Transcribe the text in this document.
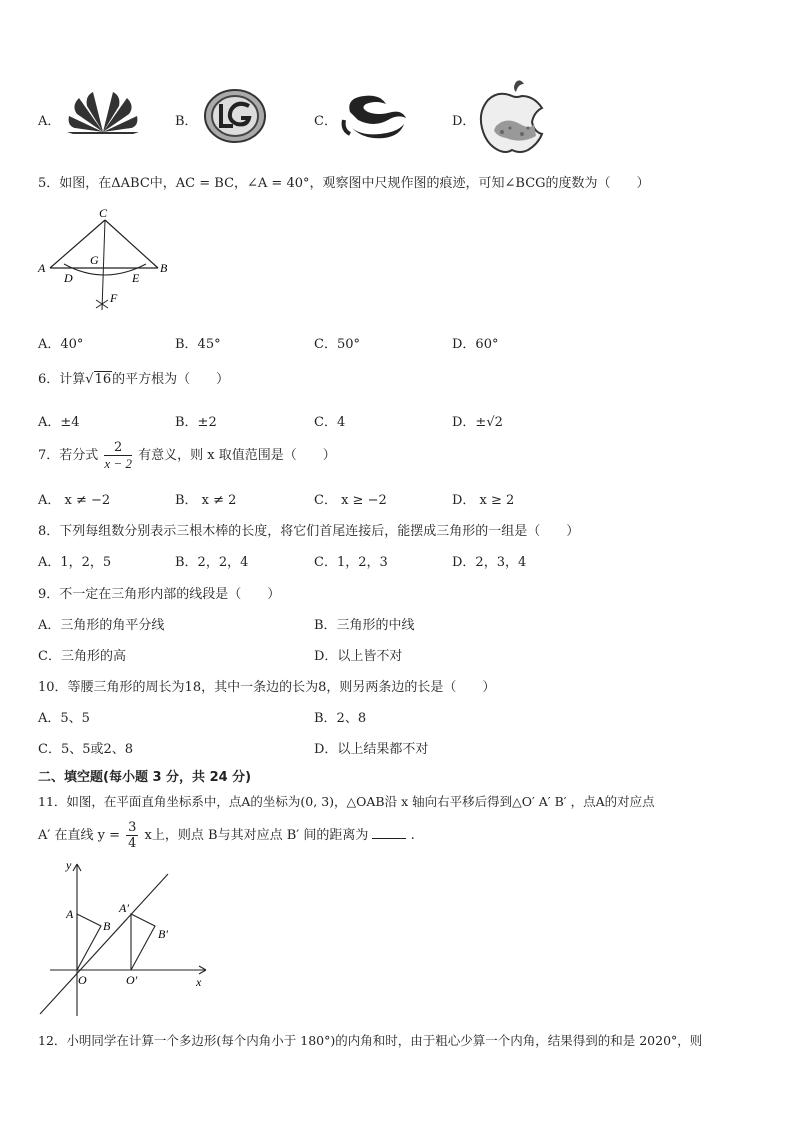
A．	B．	C．	D．
5．如图，在ΔABC中，AC = BC，∠A = 40°，观察图中尺规作图的痕迹，可知∠BCG的度数为（　　）
C
A	B
G
D	E
F
A．40°	B．45°	C．50°	D．60°
6．计算√16的平方根为（　　）
A．±4	B．±2	C．4	D．±√2
7．若分式 $\frac{2}{x - 2}$ 有意义，则 x 取值范围是（　　）
A． x ≠ −2	B． x ≠ 2	C． x ≥ −2	D． x ≥ 2
8．下列每组数分别表示三根木棒的长度，将它们首尾连接后，能摆成三角形的一组是（　　）
A．1，2，5	B．2，2，4	C．1，2，3	D．2，3，4
9．不一定在三角形内部的线段是（　　）
A．三角形的角平分线	B．三角形的中线
C．三角形的高	D．以上皆不对
10．等腰三角形的周长为18，其中一条边的长为8，则另两条边的长是（　　）
A．5、5	B．2、8
C．5、5或2、8	D．以上结果都不对
二、填空题(每小题 3 分，共 24 分)
11．如图，在平面直角坐标系中，点A的坐标为(0, 3)，△OAB沿 x 轴向右平移后得到△O′ A′ B′ ，点A的对应点
A′ 在直线 $y = \frac{3}{4}$ x上，则点 B与其对应点 B′ 间的距离为	.
y
x
O
A
B
A′
B′
O′
12．小明同学在计算一个多边形(每个内角小于 180°)的内角和时，由于粗心少算一个内角，结果得到的和是 2020°，则
